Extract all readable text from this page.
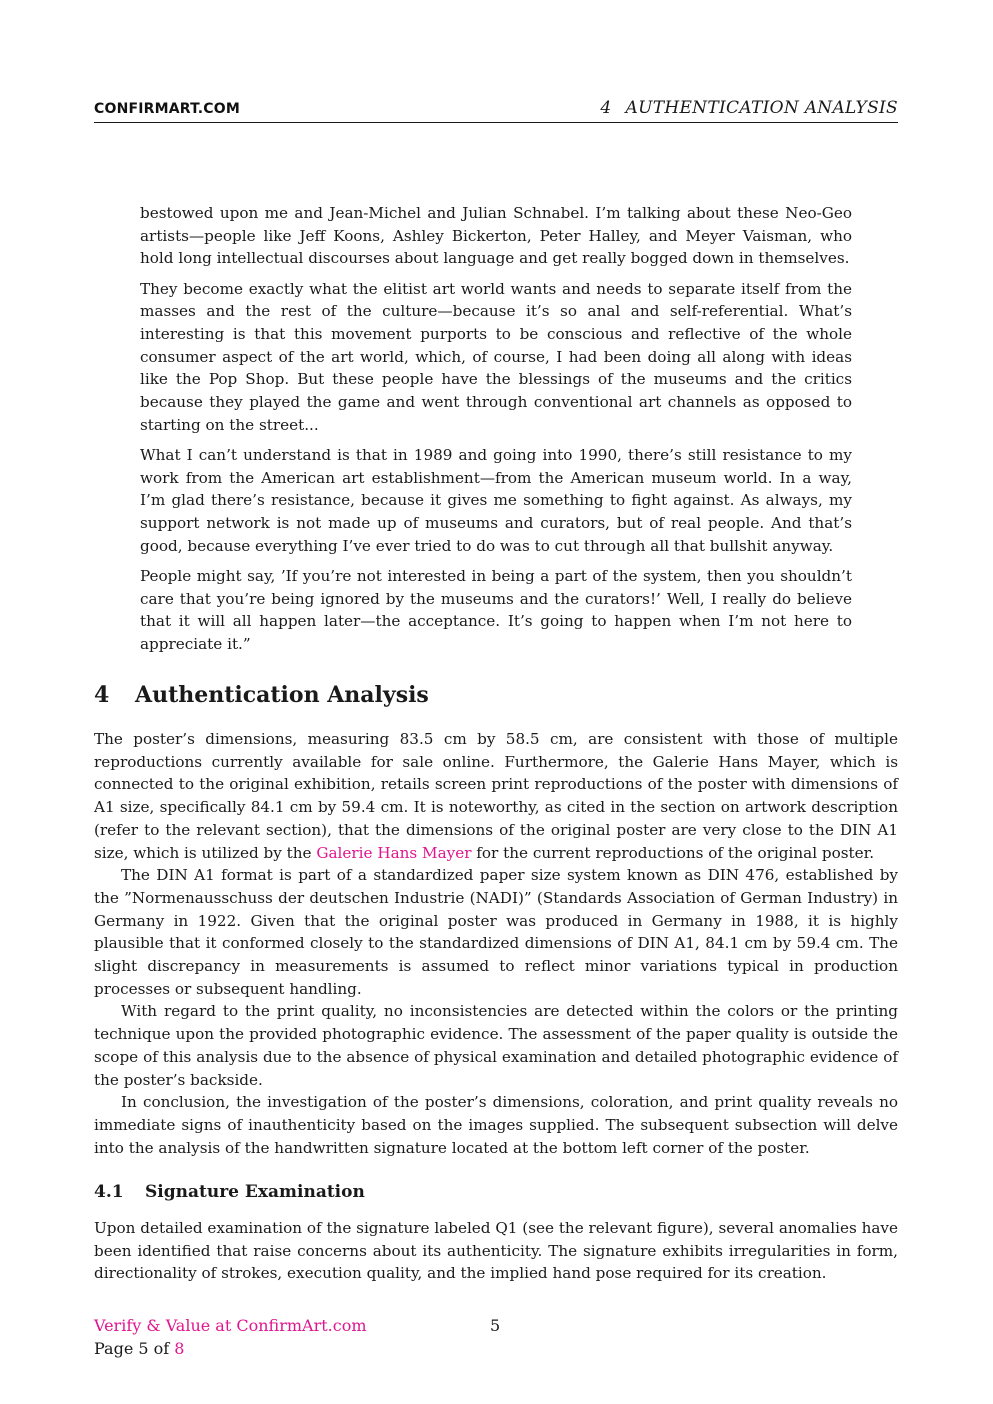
CONFIRMART.COM	4 AUTHENTICATION ANALYSIS

bestowed upon me and Jean-Michel and Julian Schnabel. I’m talking about these Neo-Geo artists—people like Jeff Koons, Ashley Bickerton, Peter Halley, and Meyer Vaisman, who hold long intellectual discourses about language and get really bogged down in themselves.

They become exactly what the elitist art world wants and needs to separate itself from the masses and the rest of the culture—because it’s so anal and self-referential. What’s interesting is that this movement purports to be conscious and reflective of the whole consumer aspect of the art world, which, of course, I had been doing all along with ideas like the Pop Shop. But these people have the blessings of the museums and the critics because they played the game and went through conventional art channels as opposed to starting on the street...

What I can’t understand is that in 1989 and going into 1990, there’s still resistance to my work from the American art establishment—from the American museum world. In a way, I’m glad there’s resistance, because it gives me something to fight against. As always, my support network is not made up of museums and curators, but of real people. And that’s good, because everything I’ve ever tried to do was to cut through all that bullshit anyway.

People might say, ’If you’re not interested in being a part of the system, then you shouldn’t care that you’re being ignored by the museums and the curators!’ Well, I really do believe that it will all happen later—the acceptance. It’s going to happen when I’m not here to appreciate it.”

4 Authentication Analysis

The poster’s dimensions, measuring 83.5 cm by 58.5 cm, are consistent with those of multiple reproductions currently available for sale online. Furthermore, the Galerie Hans Mayer, which is connected to the original exhibition, retails screen print reproductions of the poster with dimensions of A1 size, specifically 84.1 cm by 59.4 cm. It is noteworthy, as cited in the section on artwork description (refer to the relevant section), that the dimensions of the original poster are very close to the DIN A1 size, which is utilized by the Galerie Hans Mayer for the current reproductions of the original poster.

The DIN A1 format is part of a standardized paper size system known as DIN 476, established by the ”Normenausschuss der deutschen Industrie (NADI)” (Standards Association of German Industry) in Germany in 1922. Given that the original poster was produced in Germany in 1988, it is highly plausible that it conformed closely to the standardized dimensions of DIN A1, 84.1 cm by 59.4 cm. The slight discrepancy in measurements is assumed to reflect minor variations typical in production processes or subsequent handling.

With regard to the print quality, no inconsistencies are detected within the colors or the printing technique upon the provided photographic evidence. The assessment of the paper quality is outside the scope of this analysis due to the absence of physical examination and detailed photographic evidence of the poster’s backside.

In conclusion, the investigation of the poster’s dimensions, coloration, and print quality reveals no immediate signs of inauthenticity based on the images supplied. The subsequent subsection will delve into the analysis of the handwritten signature located at the bottom left corner of the poster.

4.1 Signature Examination

Upon detailed examination of the signature labeled Q1 (see the relevant figure), several anomalies have been identified that raise concerns about its authenticity. The signature exhibits irregularities in form, directionality of strokes, execution quality, and the implied hand pose required for its creation.

Verify & Value at ConfirmArt.com	5
Page 5 of 8
